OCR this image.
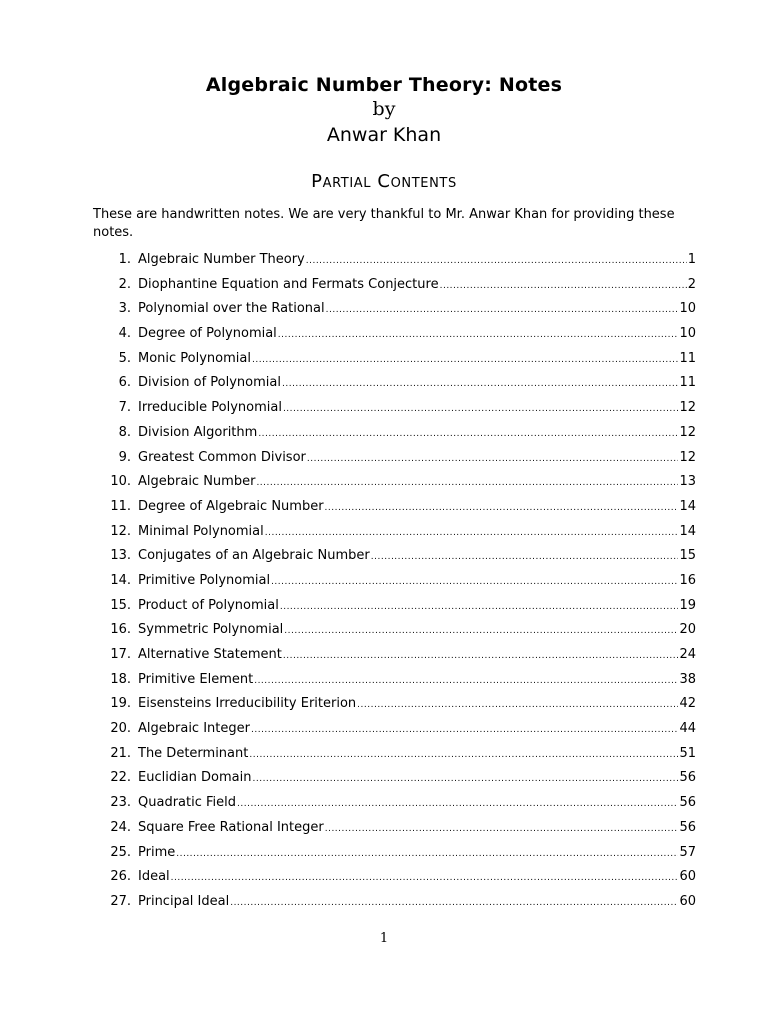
Algebraic Number Theory: Notes
by
Anwar Khan
Partial Contents
These are handwritten notes. We are very thankful to Mr. Anwar Khan for providing these notes.
1. Algebraic Number Theory .....	1
2. Diophantine Equation and Fermats Conjecture .....	2
3. Polynomial over the Rational .....	10
4. Degree of Polynomial .....	10
5. Monic Polynomial .....	11
6. Division of Polynomial .....	11
7. Irreducible Polynomial .....	12
8. Division Algorithm .....	12
9. Greatest Common Divisor .....	12
10. Algebraic Number .....	13
11. Degree of Algebraic Number .....	14
12. Minimal Polynomial .....	14
13. Conjugates of an Algebraic Number .....	15
14. Primitive Polynomial .....	16
15. Product of Polynomial .....	19
16. Symmetric Polynomial .....	20
17. Alternative Statement .....	24
18. Primitive Element .....	38
19. Eisensteins Irreducibility Eriterion .....	42
20. Algebraic Integer .....	44
21. The Determinant .....	51
22. Euclidian Domain .....	56
23. Quadratic Field .....	56
24. Square Free Rational Integer .....	56
25. Prime .....	57
26. Ideal .....	60
27. Principal Ideal .....	60
1
